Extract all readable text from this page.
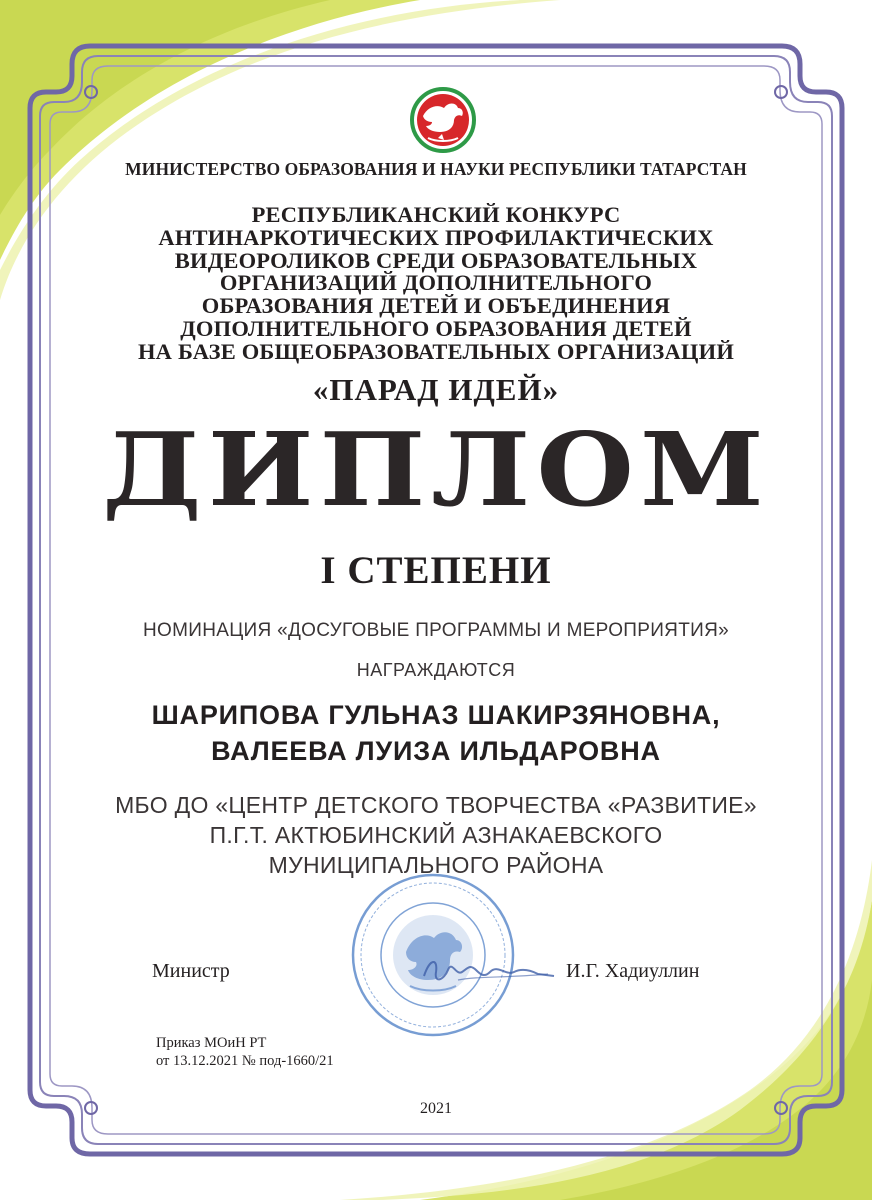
МИНИСТЕРСТВО ОБРАЗОВАНИЯ И НАУКИ РЕСПУБЛИКИ ТАТАРСТАН
РЕСПУБЛИКАНСКИЙ КОНКУРС
АНТИНАРКОТИЧЕСКИХ ПРОФИЛАКТИЧЕСКИХ
ВИДЕОРОЛИКОВ СРЕДИ ОБРАЗОВАТЕЛЬНЫХ
ОРГАНИЗАЦИЙ ДОПОЛНИТЕЛЬНОГО
ОБРАЗОВАНИЯ ДЕТЕЙ И ОБЪЕДИНЕНИЯ
ДОПОЛНИТЕЛЬНОГО ОБРАЗОВАНИЯ ДЕТЕЙ
НА БАЗЕ ОБЩЕОБРАЗОВАТЕЛЬНЫХ ОРГАНИЗАЦИЙ
«ПАРАД ИДЕЙ»
ДИПЛОМ
I СТЕПЕНИ
НОМИНАЦИЯ «ДОСУГОВЫЕ ПРОГРАММЫ И МЕРОПРИЯТИЯ»
НАГРАЖДАЮТСЯ
ШАРИПОВА ГУЛЬНАЗ ШАКИРЗЯНОВНА,
ВАЛЕЕВА ЛУИЗА ИЛЬДАРОВНА
МБО ДО «ЦЕНТР ДЕТСКОГО ТВОРЧЕСТВА «РАЗВИТИЕ»
П.Г.Т. АКТЮБИНСКИЙ АЗНАКАЕВСКОГО
МУНИЦИПАЛЬНОГО РАЙОНА
Министр	И.Г. Хадиуллин
Приказ МОиН РТ
от 13.12.2021 № под-1660/21
2021
